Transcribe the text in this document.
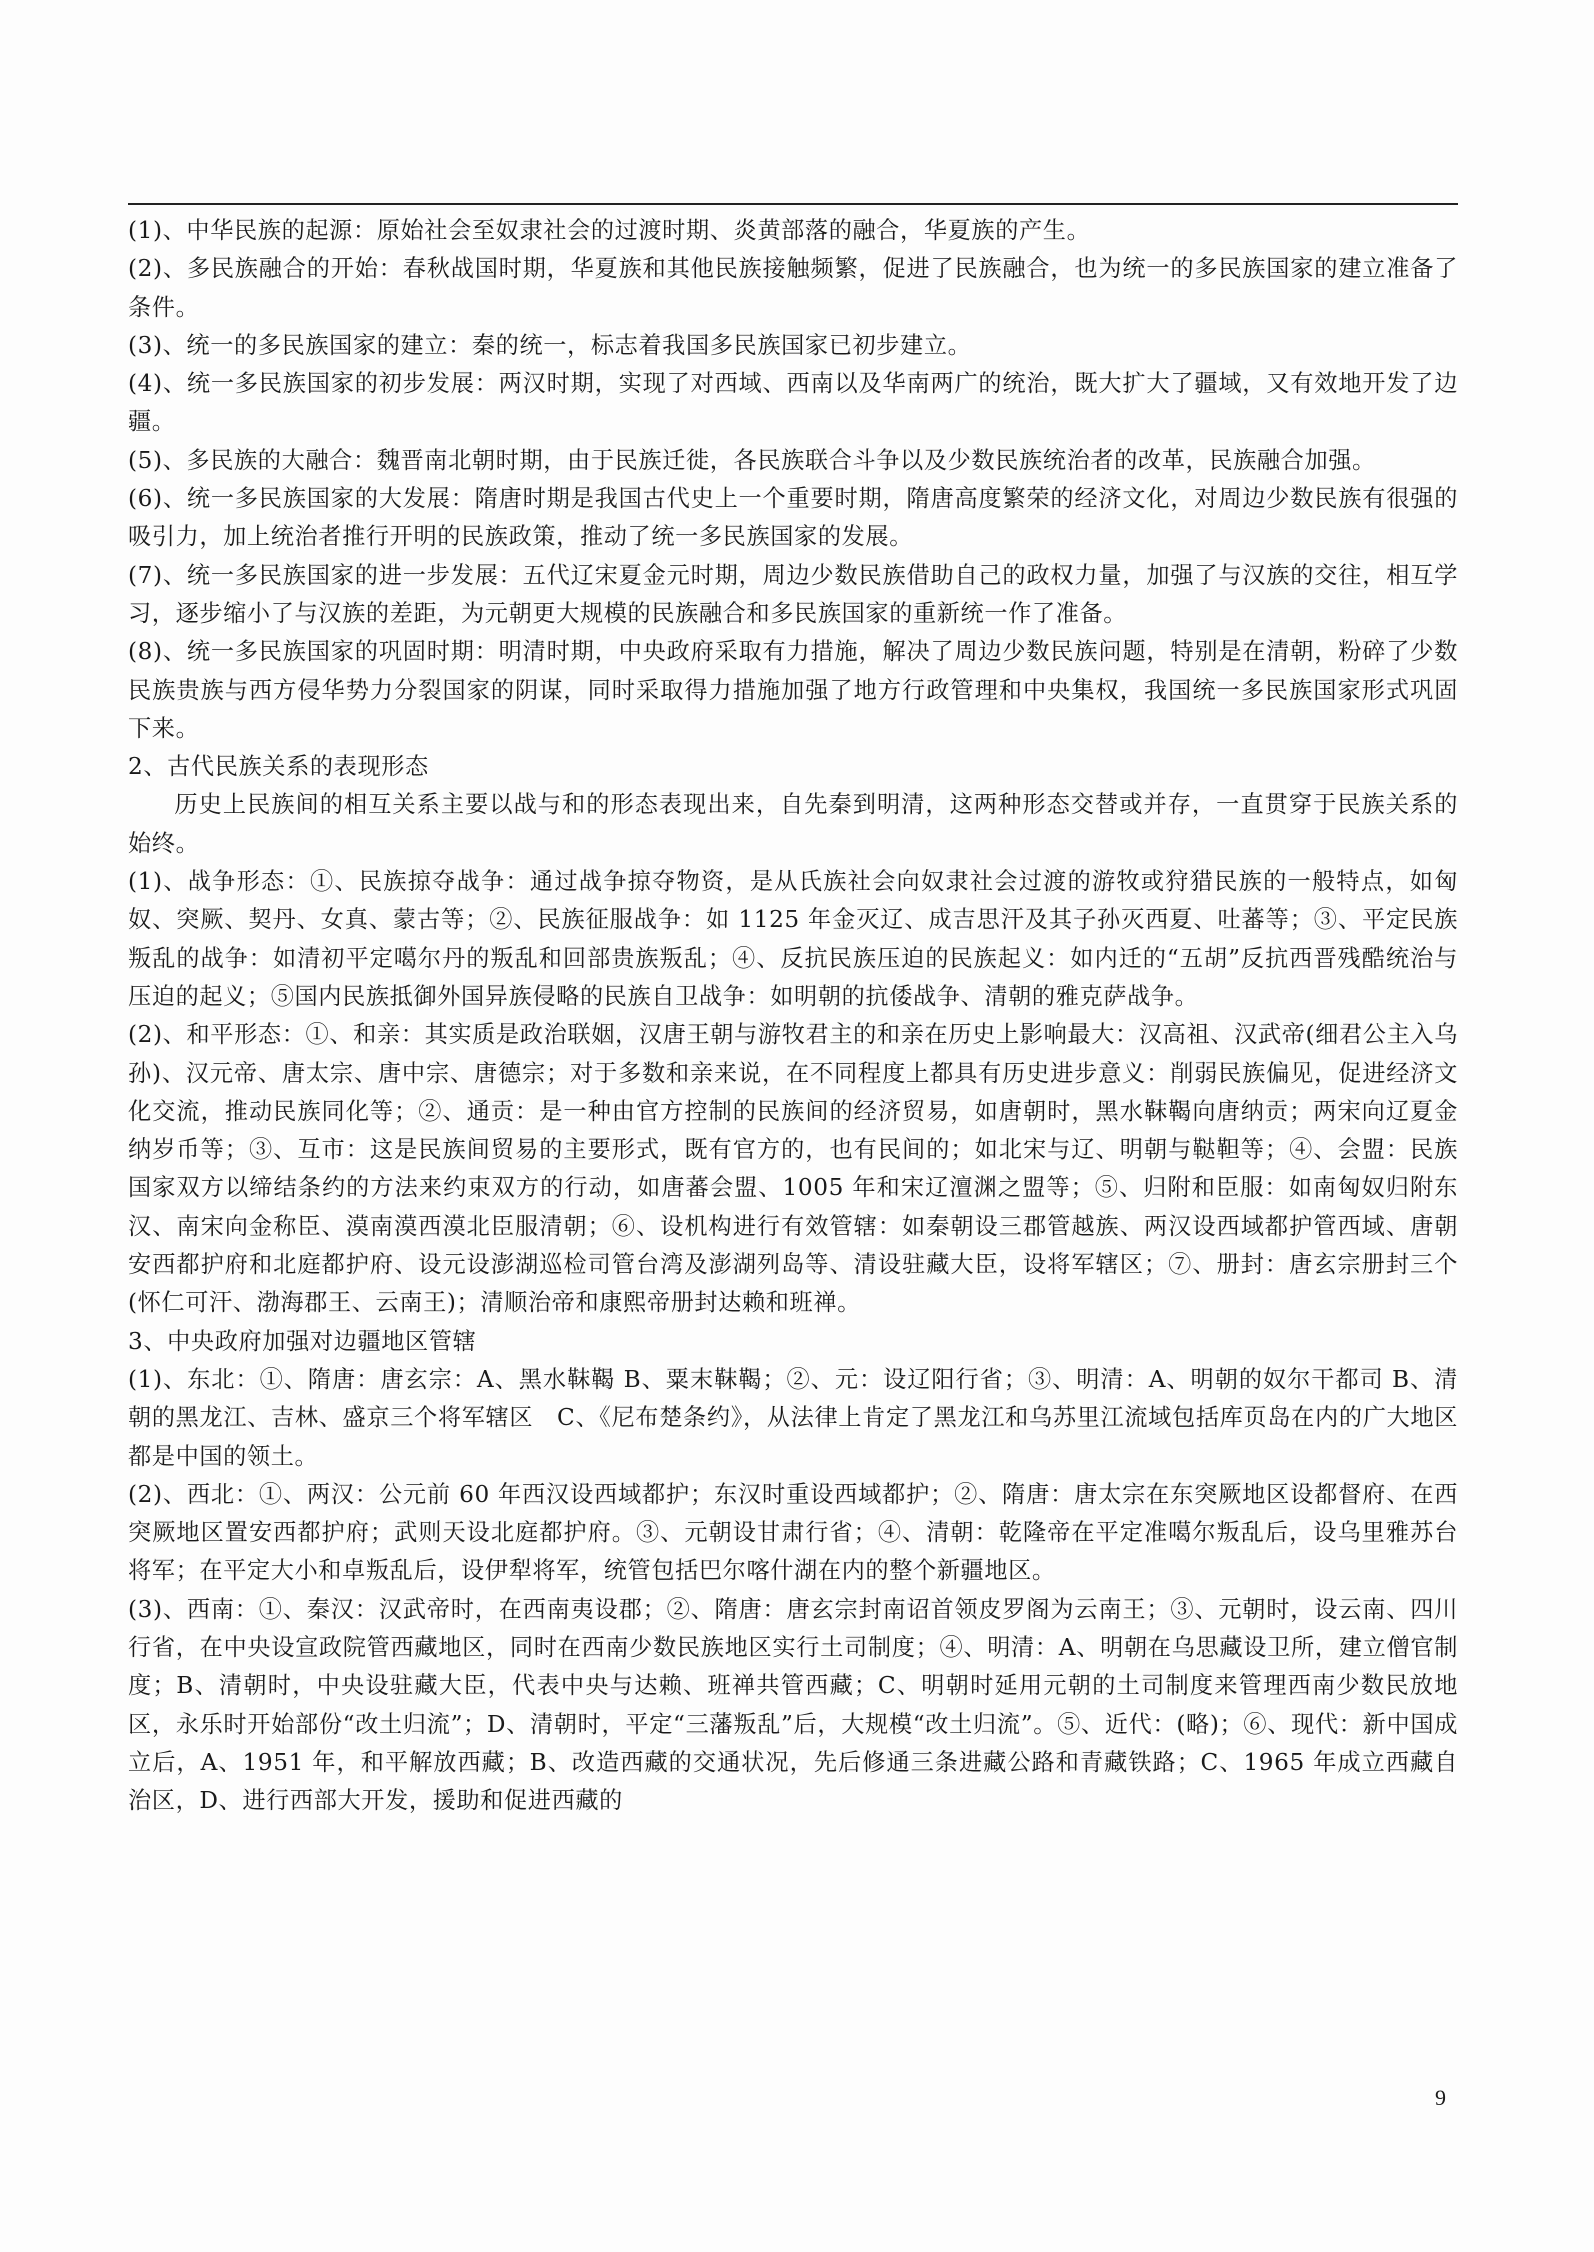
(1)、中华民族的起源：原始社会至奴隶社会的过渡时期、炎黄部落的融合，华夏族的产生。

(2)、多民族融合的开始：春秋战国时期，华夏族和其他民族接触频繁，促进了民族融合，也为统一的多民族国家的建立准备了条件。

(3)、统一的多民族国家的建立：秦的统一，标志着我国多民族国家已初步建立。

(4)、统一多民族国家的初步发展：两汉时期，实现了对西域、西南以及华南两广的统治，既大扩大了疆域，又有效地开发了边疆。

(5)、多民族的大融合：魏晋南北朝时期，由于民族迁徙，各民族联合斗争以及少数民族统治者的改革，民族融合加强。

(6)、统一多民族国家的大发展：隋唐时期是我国古代史上一个重要时期，隋唐高度繁荣的经济文化，对周边少数民族有很强的吸引力，加上统治者推行开明的民族政策，推动了统一多民族国家的发展。

(7)、统一多民族国家的进一步发展：五代辽宋夏金元时期，周边少数民族借助自己的政权力量，加强了与汉族的交往，相互学习，逐步缩小了与汉族的差距，为元朝更大规模的民族融合和多民族国家的重新统一作了准备。

(8)、统一多民族国家的巩固时期：明清时期，中央政府采取有力措施，解决了周边少数民族问题，特别是在清朝，粉碎了少数民族贵族与西方侵华势力分裂国家的阴谋，同时采取得力措施加强了地方行政管理和中央集权，我国统一多民族国家形式巩固下来。

2、古代民族关系的表现形态

历史上民族间的相互关系主要以战与和的形态表现出来，自先秦到明清，这两种形态交替或并存，一直贯穿于民族关系的始终。

(1)、战争形态：①、民族掠夺战争：通过战争掠夺物资，是从氏族社会向奴隶社会过渡的游牧或狩猎民族的一般特点，如匈奴、突厥、契丹、女真、蒙古等；②、民族征服战争：如 1125 年金灭辽、成吉思汗及其子孙灭西夏、吐蕃等；③、平定民族叛乱的战争：如清初平定噶尔丹的叛乱和回部贵族叛乱；④、反抗民族压迫的民族起义：如内迁的“五胡”反抗西晋残酷统治与压迫的起义；⑤国内民族抵御外国异族侵略的民族自卫战争：如明朝的抗倭战争、清朝的雅克萨战争。

(2)、和平形态：①、和亲：其实质是政治联姻，汉唐王朝与游牧君主的和亲在历史上影响最大：汉高祖、汉武帝(细君公主入乌孙)、汉元帝、唐太宗、唐中宗、唐德宗；对于多数和亲来说，在不同程度上都具有历史进步意义：削弱民族偏见，促进经济文化交流，推动民族同化等；②、通贡：是一种由官方控制的民族间的经济贸易，如唐朝时，黑水靺鞨向唐纳贡；两宋向辽夏金纳岁币等；③、互市：这是民族间贸易的主要形式，既有官方的，也有民间的；如北宋与辽、明朝与鞑靼等；④、会盟：民族国家双方以缔结条约的方法来约束双方的行动，如唐蕃会盟、1005 年和宋辽澶渊之盟等；⑤、归附和臣服：如南匈奴归附东汉、南宋向金称臣、漠南漠西漠北臣服清朝；⑥、设机构进行有效管辖：如秦朝设三郡管越族、两汉设西域都护管西域、唐朝安西都护府和北庭都护府、设元设澎湖巡检司管台湾及澎湖列岛等、清设驻藏大臣，设将军辖区；⑦、册封：唐玄宗册封三个(怀仁可汗、渤海郡王、云南王)；清顺治帝和康熙帝册封达赖和班禅。

3、中央政府加强对边疆地区管辖

(1)、东北：①、隋唐：唐玄宗：A、黑水靺鞨 B、粟末靺鞨；②、元：设辽阳行省；③、明清：A、明朝的奴尔干都司 B、清朝的黑龙江、吉林、盛京三个将军辖区　C、《尼布楚条约》，从法律上肯定了黑龙江和乌苏里江流域包括库页岛在内的广大地区都是中国的领土。

(2)、西北：①、两汉：公元前 60 年西汉设西域都护；东汉时重设西域都护；②、隋唐：唐太宗在东突厥地区设都督府、在西突厥地区置安西都护府；武则天设北庭都护府。③、元朝设甘肃行省；④、清朝：乾隆帝在平定准噶尔叛乱后，设乌里雅苏台将军；在平定大小和卓叛乱后，设伊犁将军，统管包括巴尔喀什湖在内的整个新疆地区。

(3)、西南：①、秦汉：汉武帝时，在西南夷设郡；②、隋唐：唐玄宗封南诏首领皮罗阁为云南王；③、元朝时，设云南、四川行省，在中央设宣政院管西藏地区，同时在西南少数民族地区实行土司制度；④、明清：A、明朝在乌思藏设卫所，建立僧官制度；B、清朝时，中央设驻藏大臣，代表中央与达赖、班禅共管西藏；C、明朝时延用元朝的土司制度来管理西南少数民放地区，永乐时开始部份“改土归流”；D、清朝时，平定“三藩叛乱”后，大规模“改土归流”。⑤、近代：(略)；⑥、现代：新中国成立后，A、1951 年，和平解放西藏；B、改造西藏的交通状况，先后修通三条进藏公路和青藏铁路；C、1965 年成立西藏自治区，D、进行西部大开发，援助和促进西藏的

9
